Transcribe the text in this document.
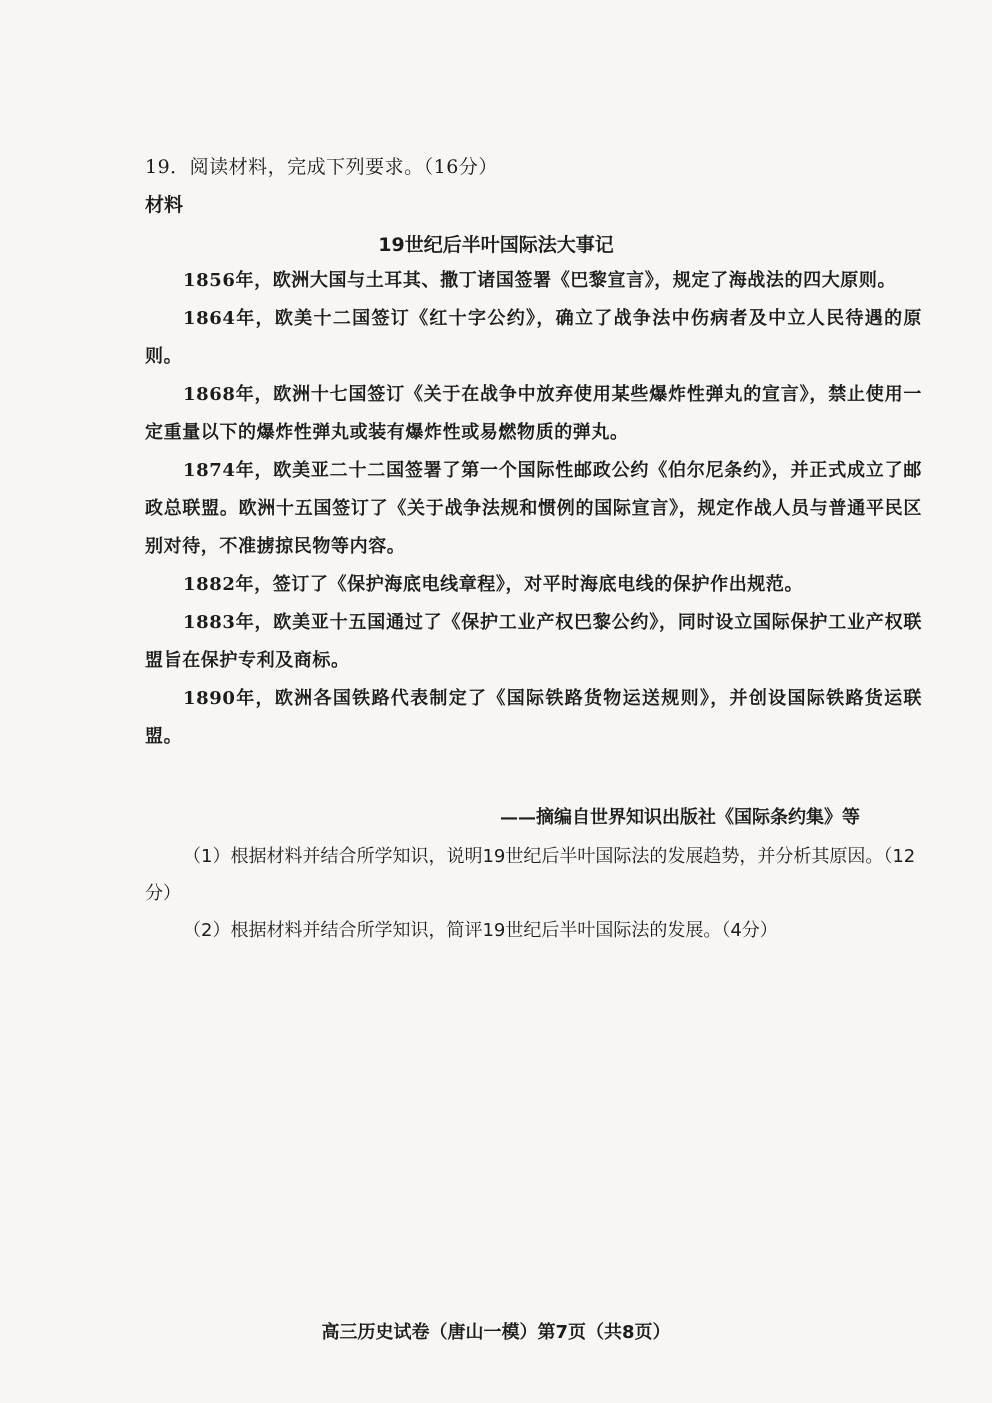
19．阅读材料，完成下列要求。（16分）
材料
19世纪后半叶国际法大事记
1856年，欧洲大国与土耳其、撒丁诸国签署《巴黎宣言》，规定了海战法的四大原则。
1864年，欧美十二国签订《红十字公约》，确立了战争法中伤病者及中立人民待遇的原则。
1868年，欧洲十七国签订《关于在战争中放弃使用某些爆炸性弹丸的宣言》，禁止使用一定重量以下的爆炸性弹丸或装有爆炸性或易燃物质的弹丸。
1874年，欧美亚二十二国签署了第一个国际性邮政公约《伯尔尼条约》，并正式成立了邮政总联盟。欧洲十五国签订了《关于战争法规和惯例的国际宣言》，规定作战人员与普通平民区别对待，不准掳掠民物等内容。
1882年，签订了《保护海底电线章程》，对平时海底电线的保护作出规范。
1883年，欧美亚十五国通过了《保护工业产权巴黎公约》，同时设立国际保护工业产权联盟旨在保护专利及商标。
1890年，欧洲各国铁路代表制定了《国际铁路货物运送规则》，并创设国际铁路货运联盟。
——摘编自世界知识出版社《国际条约集》等
（1）根据材料并结合所学知识，说明19世纪后半叶国际法的发展趋势，并分析其原因。（12分）
（2）根据材料并结合所学知识，简评19世纪后半叶国际法的发展。（4分）
高三历史试卷（唐山一模）第7页（共8页）
